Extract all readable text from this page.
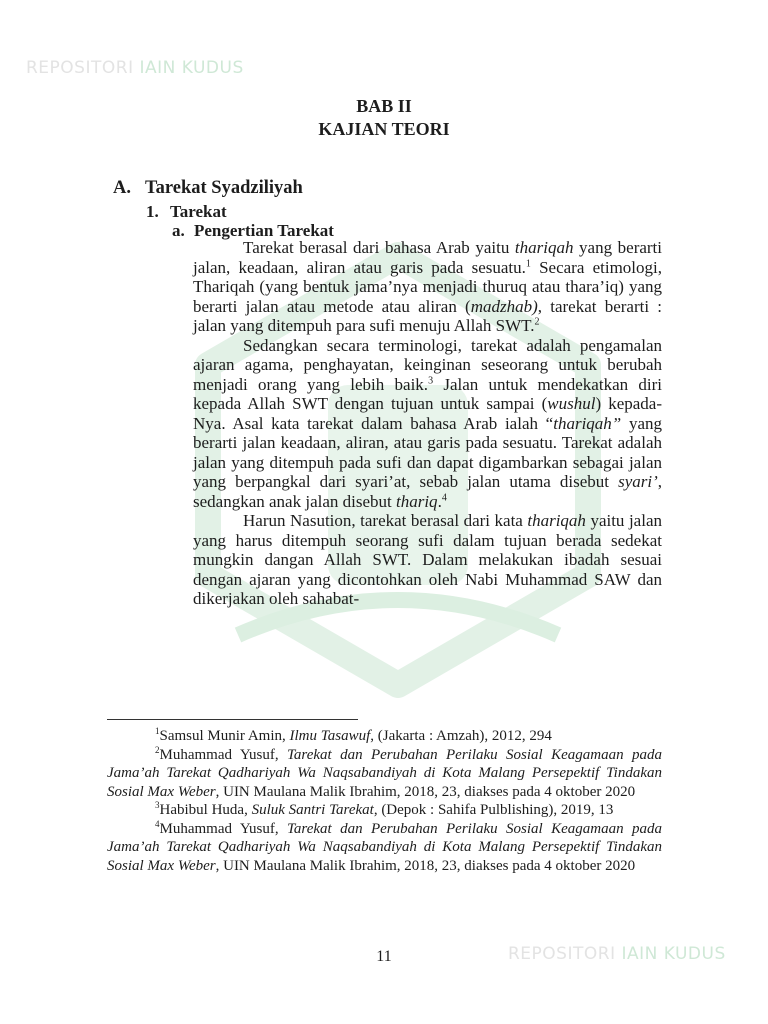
REPOSITORI IAIN KUDUS
BAB II
KAJIAN TEORI
A. Tarekat Syadziliyah
1. Tarekat
a. Pengertian Tarekat

Tarekat berasal dari bahasa Arab yaitu thariqah yang berarti jalan, keadaan, aliran atau garis pada sesuatu.$^1$ Secara etimologi, Thariqah (yang bentuk jama’nya menjadi thuruq atau thara’iq) yang berarti jalan atau metode atau aliran (madzhab), tarekat berarti : jalan yang ditempuh para sufi menuju Allah SWT.$^2$

Sedangkan secara terminologi, tarekat adalah pengamalan ajaran agama, penghayatan, keinginan seseorang untuk berubah menjadi orang yang lebih baik.$^3$ Jalan untuk mendekatkan diri kepada Allah SWT dengan tujuan untuk sampai (wushul) kepada-Nya. Asal kata tarekat dalam bahasa Arab ialah “thariqah” yang berarti jalan keadaan, aliran, atau garis pada sesuatu. Tarekat adalah jalan yang ditempuh pada sufi dan dapat digambarkan sebagai jalan yang berpangkal dari syari’at, sebab jalan utama disebut syari’, sedangkan anak jalan disebut thariq.$^4$

Harun Nasution, tarekat berasal dari kata thariqah yaitu jalan yang harus ditempuh seorang sufi dalam tujuan berada sedekat mungkin dangan Allah SWT. Dalam melakukan ibadah sesuai dengan ajaran yang dicontohkan oleh Nabi Muhammad SAW dan dikerjakan oleh sahabat-

$^1$Samsul Munir Amin, Ilmu Tasawuf, (Jakarta : Amzah), 2012, 294

$^2$Muhammad Yusuf, Tarekat dan Perubahan Perilaku Sosial Keagamaan pada Jama’ah Tarekat Qadhariyah Wa Naqsabandiyah di Kota Malang Persepektif Tindakan Sosial Max Weber, UIN Maulana Malik Ibrahim, 2018, 23, diakses pada 4 oktober 2020

$^3$Habibul Huda, Suluk Santri Tarekat, (Depok : Sahifa Pulblishing), 2019, 13

$^4$Muhammad Yusuf, Tarekat dan Perubahan Perilaku Sosial Keagamaan pada Jama’ah Tarekat Qadhariyah Wa Naqsabandiyah di Kota Malang Persepektif Tindakan Sosial Max Weber, UIN Maulana Malik Ibrahim, 2018, 23, diakses pada 4 oktober 2020

11	REPOSITORI IAIN KUDUS
